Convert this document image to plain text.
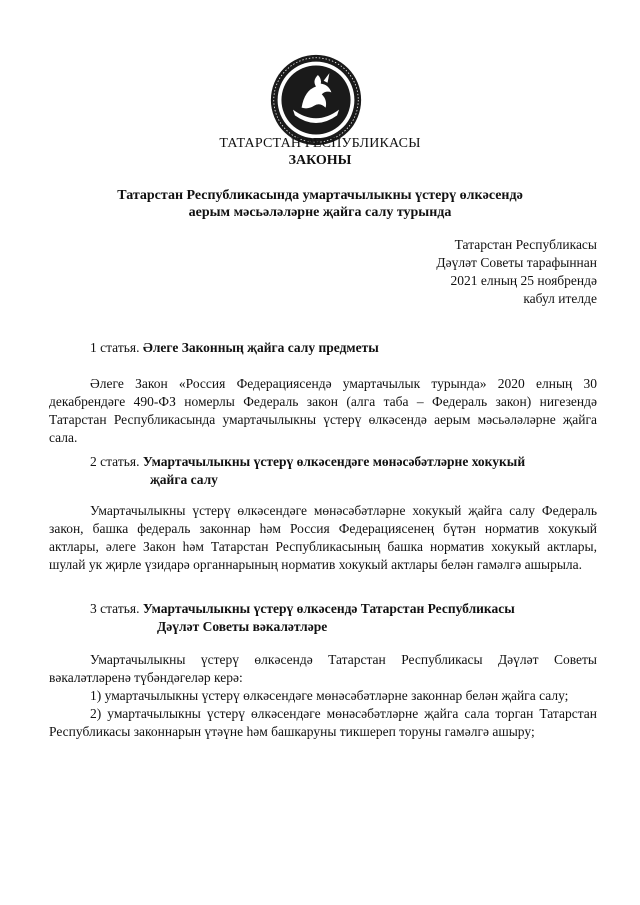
ТАТАРСТАН РЕСПУБЛИКАСЫ
ЗАКОНЫ
Татарстан Республикасында умартачылыкны үстерү өлкәсендә
аерым мәсьәләләрне җайга салу турында
Татарстан Республикасы
Дәүләт Советы тарафыннан
2021 елның 25 ноябрендә
кабул ителде
1 статья. Әлеге Законның җайга салу предметы
Әлеге Закон «Россия Федерациясендә умартачылык турында» 2020 елның 30 декабрендәге 490-ФЗ номерлы Федераль закон (алга таба – Федераль закон) нигезендә Татарстан Республикасында умартачылыкны үстерү өлкәсендә аерым мәсьәләләрне җайга сала.
2 статья. Умартачылыкны үстерү өлкәсендәге мөнәсәбәтләрне хокукый
җайга салу
Умартачылыкны үстерү өлкәсендәге мөнәсәбәтләрне хокукый җайга салу Федераль закон, башка федераль законнар һәм Россия Федерациясенең бүтән норматив хокукый актлары, әлеге Закон һәм Татарстан Республикасының башка норматив хокукый актлары, шулай ук җирле үзидарә органнарының норматив хокукый актлары белән гамәлгә ашырыла.
3 статья. Умартачылыкны үстерү өлкәсендә Татарстан Республикасы
Дәүләт Советы вәкаләтләре
Умартачылыкны үстерү өлкәсендә Татарстан Республикасы Дәүләт Советы вәкаләтләренә түбәндәгеләр керә:
1) умартачылыкны үстерү өлкәсендәге мөнәсәбәтләрне законнар белән җайга салу;
2) умартачылыкны үстерү өлкәсендәге мөнәсәбәтләрне җайга сала торган Татарстан Республикасы законнарын үтәүне һәм башкаруны тикшереп торуны гамәлгә ашыру;
